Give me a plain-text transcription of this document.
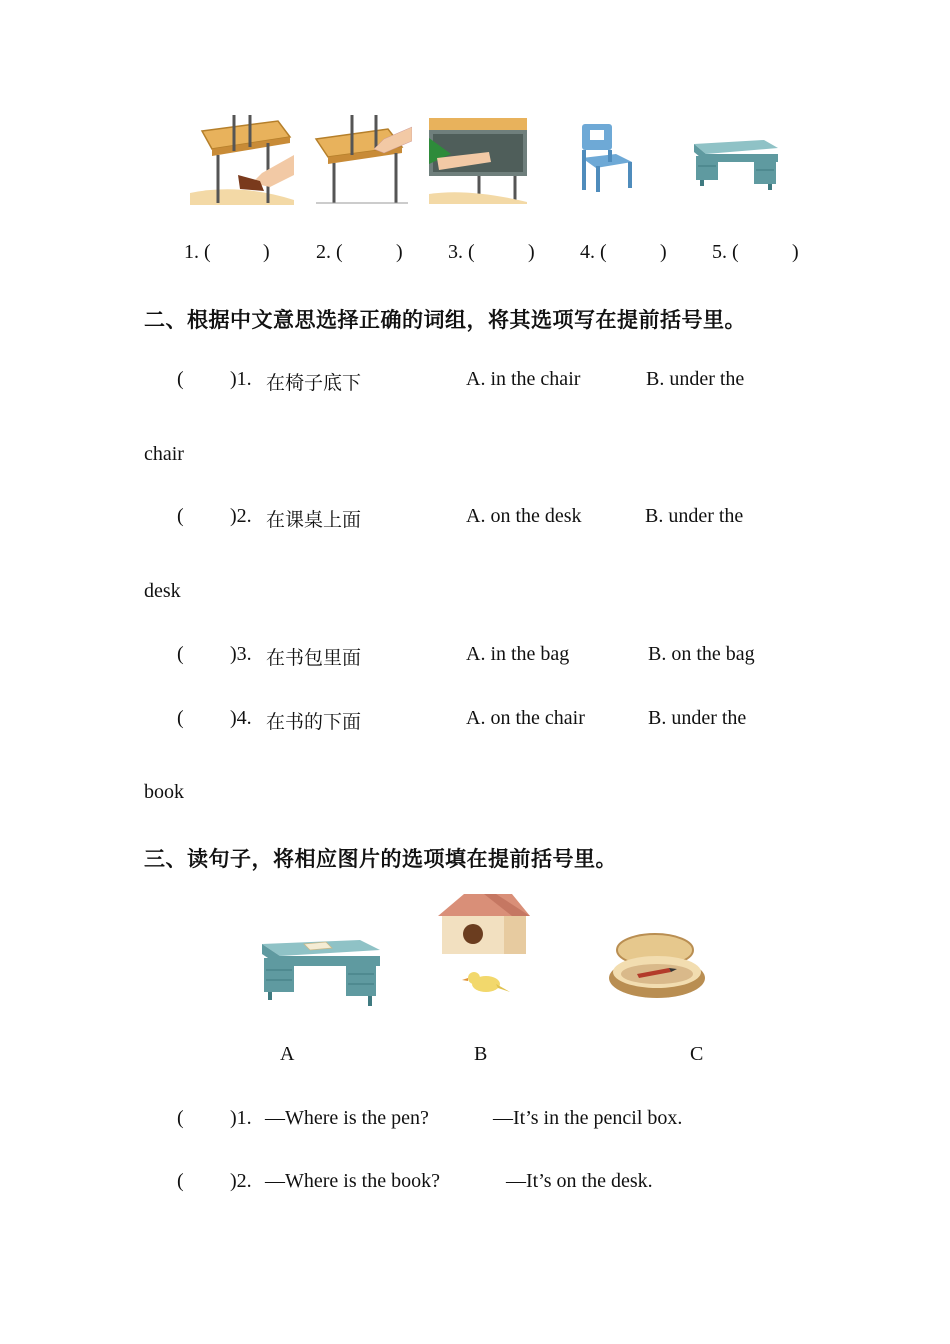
1. (	) 2. (	) 3. (	) 4. (	) 5. (	)
二、根据中文意思选择正确的词组，将其选项写在提前括号里。
( )1. 在椅子底下	A. in the chair	B. under the
chair
( )2. 在课桌上面	A. on the desk	B. under the
desk
( )3. 在书包里面	A. in the bag	B. on the bag
( )4. 在书的下面	A. on the chair	B. under the
book
三、读句子，将相应图片的选项填在提前括号里。
A	B	C
( )1. —Where is the pen?	—It’s in the pencil box.
( )2. —Where is the book?	—It’s on the desk.
